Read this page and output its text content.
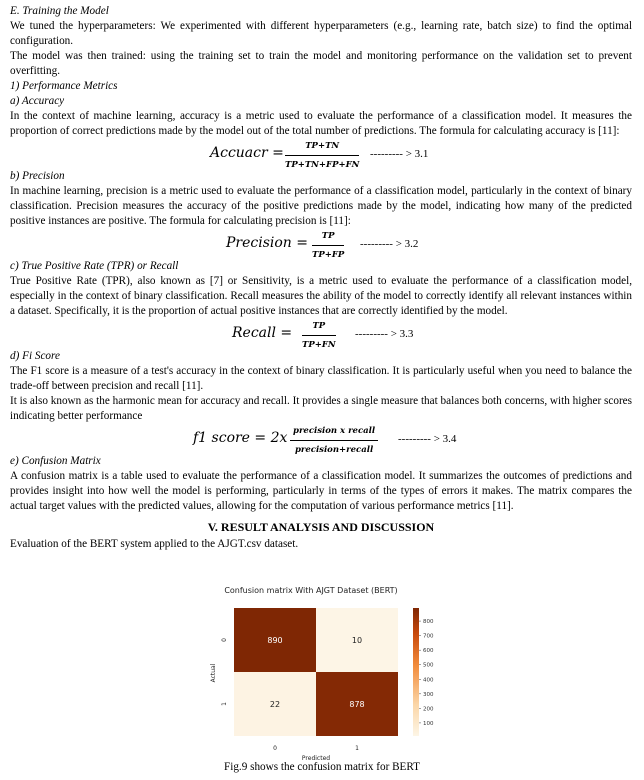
E. Training the Model

We tuned the hyperparameters: We experimented with different hyperparameters (e.g., learning rate, batch size) to find the optimal configuration.

The model was then trained: using the training set to train the model and monitoring performance on the validation set to prevent overfitting.

1) Performance Metrics

a) Accuracy

In the context of machine learning, accuracy is a metric used to evaluate the performance of a classification model. It measures the proportion of correct predictions made by the model out of the total number of predictions. The formula for calculating accuracy is [11]:

Accuacr = $\frac{TP+TN}{TP+TN+FP+FN}$ --------- > 3.1

b) Precision

In machine learning, precision is a metric used to evaluate the performance of a classification model, particularly in the context of binary classification. Precision measures the accuracy of the positive predictions made by the model, indicating how many of the predicted positive instances are positive. The formula for calculating precision is [11]:

Precision = $\frac{TP}{TP+FP}$ --------- > 3.2

c) True Positive Rate (TPR) or Recall

True Positive Rate (TPR), also known as [7] or Sensitivity, is a metric used to evaluate the performance of a classification model, especially in the context of binary classification. Recall measures the ability of the model to correctly identify all relevant instances within a dataset. Specifically, it is the proportion of actual positive instances that are correctly identified by the model.

Recall = $\frac{TP}{TP+FN}$ --------- > 3.3

d) Fi Score

The F1 score is a measure of a test's accuracy in the context of binary classification. It is particularly useful when you need to balance the trade-off between precision and recall [11].

It is also known as the harmonic mean for accuracy and recall. It provides a single measure that balances both concerns, with higher scores indicating better performance

f1 score = 2x precision x recall
precision+recall
--------- > 3.4

e) Confusion Matrix

A confusion matrix is a table used to evaluate the performance of a classification model. It summarizes the outcomes of predictions and provides insight into how well the model is performing, particularly in terms of the types of errors it makes. The matrix compares the actual target values with the predicted values, allowing for the computation of various performance metrics [11].

V. RESULT ANALYSIS AND DISCUSSION

Evaluation of the BERT system applied to the AJGT.csv dataset.

Confusion matrix With AJGT Dataset (BERT)
890	10
22	878
0	1
0
1
Predicted
Actual
800
700
600
500
400
300
200
100
Fig.9 shows the confusion matrix for BERT
